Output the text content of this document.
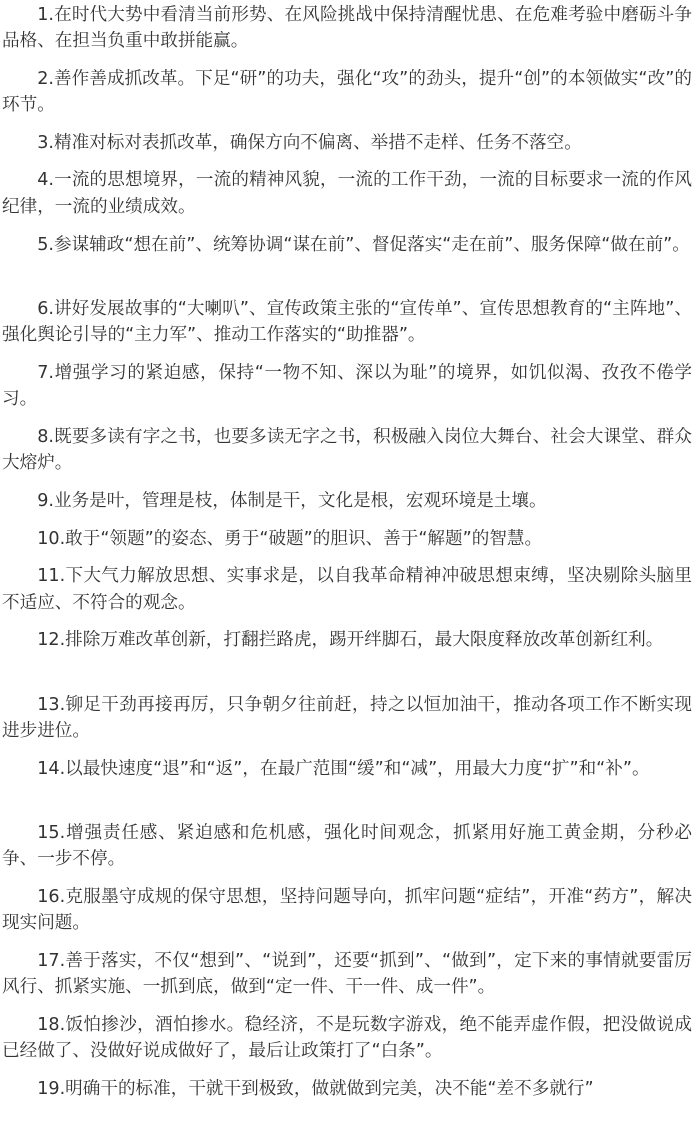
1.在时代大势中看清当前形势、在风险挑战中保持清醒忧患、在危难考验中磨砺斗争品格、在担当负重中敢拼能赢。

2.善作善成抓改革。下足“研”的功夫，强化“攻”的劲头，提升“创”的本领做实“改”的环节。

3.精准对标对表抓改革，确保方向不偏离、举措不走样、任务不落空。

4.一流的思想境界，一流的精神风貌，一流的工作干劲，一流的目标要求一流的作风纪律，一流的业绩成效。

5.参谋辅政“想在前”、统筹协调“谋在前”、督促落实“走在前”、服务保障“做在前”。

6.讲好发展故事的“大喇叭”、宣传政策主张的“宣传单”、宣传思想教育的“主阵地”、强化舆论引导的“主力军”、推动工作落实的“助推器”。

7.增强学习的紧迫感，保持“一物不知、深以为耻”的境界，如饥似渴、孜孜不倦学习。

8.既要多读有字之书，也要多读无字之书，积极融入岗位大舞台、社会大课堂、群众大熔炉。

9.业务是叶，管理是枝，体制是干，文化是根，宏观环境是土壤。

10.敢于“领题”的姿态、勇于“破题”的胆识、善于“解题”的智慧。

11.下大气力解放思想、实事求是，以自我革命精神冲破思想束缚，坚决剔除头脑里不适应、不符合的观念。

12.排除万难改革创新，打翻拦路虎，踢开绊脚石，最大限度释放改革创新红利。

13.铆足干劲再接再厉，只争朝夕往前赶，持之以恒加油干，推动各项工作不断实现进步进位。

14.以最快速度“退”和“返”，在最广范围“缓”和“减”，用最大力度“扩”和“补”。

15.增强责任感、紧迫感和危机感，强化时间观念，抓紧用好施工黄金期，分秒必争、一步不停。

16.克服墨守成规的保守思想，坚持问题导向，抓牢问题“症结”，开准“药方”，解决现实问题。

17.善于落实，不仅“想到”、“说到”，还要“抓到”、“做到”，定下来的事情就要雷厉风行、抓紧实施、一抓到底，做到“定一件、干一件、成一件”。

18.饭怕掺沙，酒怕掺水。稳经济，不是玩数字游戏，绝不能弄虚作假，把没做说成已经做了、没做好说成做好了，最后让政策打了“白条”。

19.明确干的标准，干就干到极致，做就做到完美，决不能“差不多就行”
